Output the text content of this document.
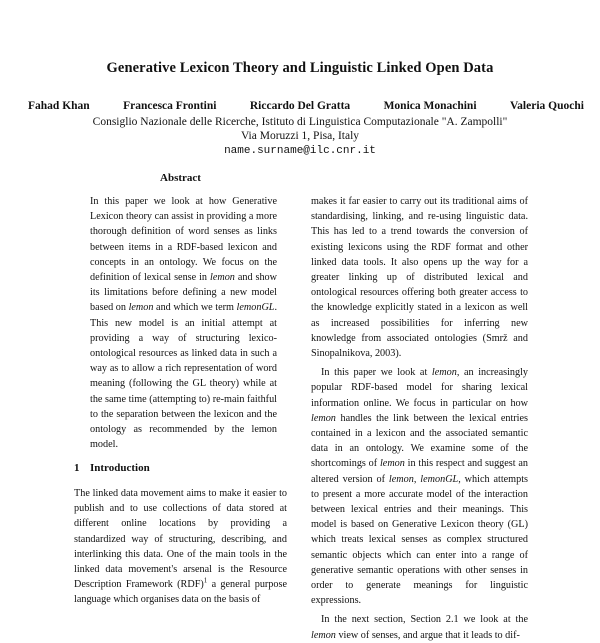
Generative Lexicon Theory and Linguistic Linked Open Data
Fahad Khan	Francesca Frontini	Riccardo Del Gratta	Monica Monachini	Valeria Quochi
Consiglio Nazionale delle Ricerche, Istituto di Linguistica Computazionale "A. Zampolli"
Via Moruzzi 1, Pisa, Italy
name.surname@ilc.cnr.it
Abstract

In this paper we look at how Generative Lexicon theory can assist in providing a more thorough definition of word senses as links between items in a RDF-based lexicon and concepts in an ontology. We focus on the definition of lexical sense in lemon and show its limitations before defining a new model based on lemon and which we term lemonGL. This new model is an initial attempt at providing a way of structuring lexico-ontological resources as linked data in such a way as to allow a rich representation of word meaning (following the GL theory) while at the same time (attempting to) re-main faithful to the separation between the lexicon and the ontology as recommended by the lemon model.

1 Introduction

The linked data movement aims to make it easier to publish and to use collections of data stored at different online locations by providing a standardized way of structuring, describing, and interlinking this data. One of the main tools in the linked data movement's arsenal is the Resource Description Framework (RDF)$^1$ a general purpose language which organises data on the basis of

makes it far easier to carry out its traditional aims of standardising, linking, and re-using linguistic data. This has led to a trend towards the conversion of existing lexicons using the RDF format and other linked data tools. It also opens up the way for a greater linking up of distributed lexical and ontological resources offering both greater access to the knowledge explicitly stated in a lexicon as well as increased possibilities for inferring new knowledge from associated ontologies (Smrž and Sinopalnikova, 2003).

In this paper we look at lemon, an increasingly popular RDF-based model for sharing lexical information online. We focus in particular on how lemon handles the link between the lexical entries contained in a lexicon and the associated semantic data in an ontology. We examine some of the shortcomings of lemon in this respect and suggest an altered version of lemon, lemonGL, which attempts to present a more accurate model of the interaction between lexical entries and their meanings. This model is based on Generative Lexicon theory (GL) which treats lexical senses as complex structured semantic objects which can enter into a range of generative semantic operations with other senses in order to generate meanings for linguistic expressions.

In the next section, Section 2.1 we look at the lemon view of senses, and argue that it leads to dif-
